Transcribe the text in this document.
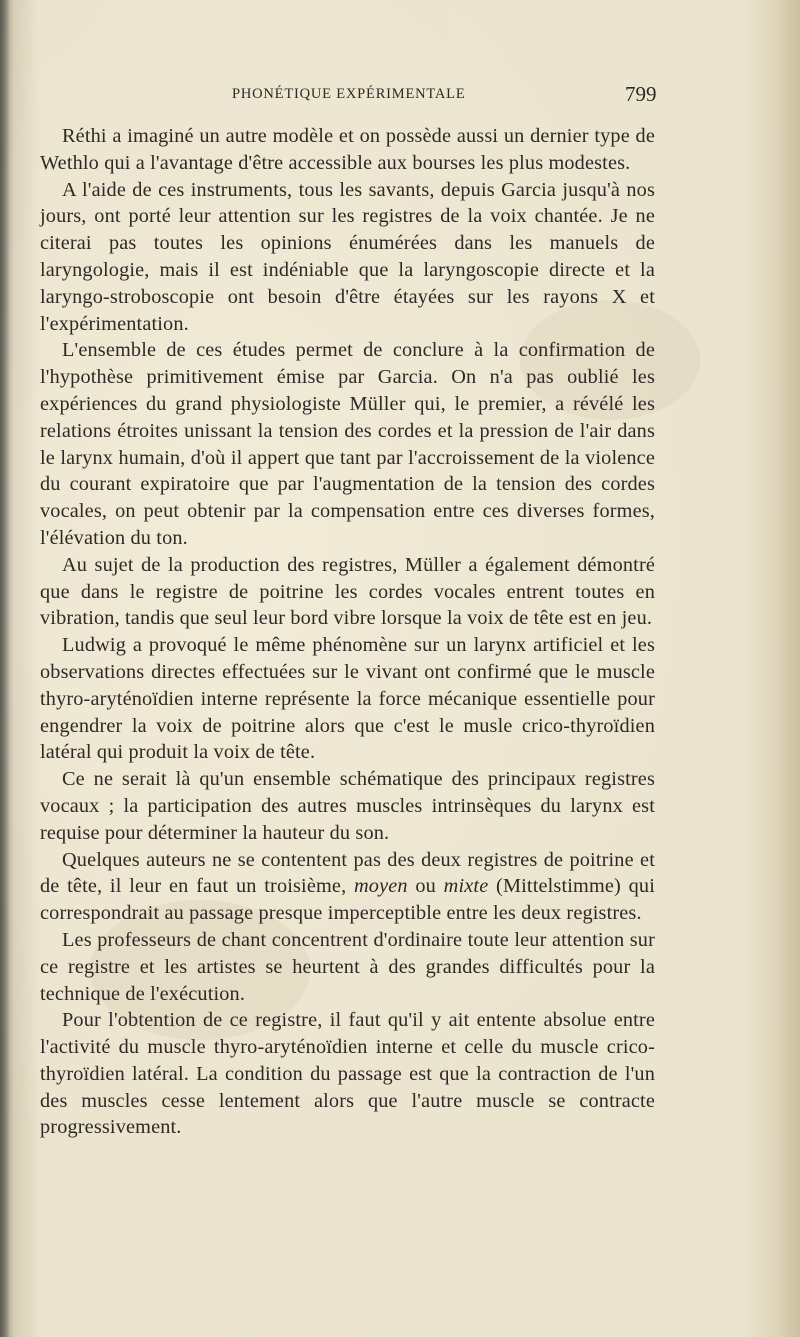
PHONÉTIQUE EXPÉRIMENTALE	799

Réthi a imaginé un autre modèle et on possède aussi un dernier type de Wethlo qui a l'avantage d'être accessible aux bourses les plus modestes.

A l'aide de ces instruments, tous les savants, depuis Garcia jusqu'à nos jours, ont porté leur attention sur les registres de la voix chantée. Je ne citerai pas toutes les opinions énumérées dans les manuels de laryngologie, mais il est indéniable que la laryngoscopie directe et la laryngo-stroboscopie ont besoin d'être étayées sur les rayons X et l'expérimentation.

L'ensemble de ces études permet de conclure à la confirmation de l'hypothèse primitivement émise par Garcia. On n'a pas oublié les expériences du grand physiologiste Müller qui, le premier, a révélé les relations étroites unissant la tension des cordes et la pression de l'air dans le larynx humain, d'où il appert que tant par l'accroissement de la violence du courant expiratoire que par l'augmentation de la tension des cordes vocales, on peut obtenir par la compensation entre ces diverses formes, l'élévation du ton.

Au sujet de la production des registres, Müller a également démontré que dans le registre de poitrine les cordes vocales entrent toutes en vibration, tandis que seul leur bord vibre lorsque la voix de tête est en jeu.

Ludwig a provoqué le même phénomène sur un larynx artificiel et les observations directes effectuées sur le vivant ont confirmé que le muscle thyro-aryténoïdien interne représente la force mécanique essentielle pour engendrer la voix de poitrine alors que c'est le musle crico-thyroïdien latéral qui produit la voix de tête.

Ce ne serait là qu'un ensemble schématique des principaux registres vocaux ; la participation des autres muscles intrinsèques du larynx est requise pour déterminer la hauteur du son.

Quelques auteurs ne se contentent pas des deux registres de poitrine et de tête, il leur en faut un troisième, moyen ou mixte (Mittelstimme) qui correspondrait au passage presque imperceptible entre les deux registres.

Les professeurs de chant concentrent d'ordinaire toute leur attention sur ce registre et les artistes se heurtent à des grandes difficultés pour la technique de l'exécution.

Pour l'obtention de ce registre, il faut qu'il y ait entente absolue entre l'activité du muscle thyro-aryténoïdien interne et celle du muscle crico-thyroïdien latéral. La condition du passage est que la contraction de l'un des muscles cesse lentement alors que l'autre muscle se contracte progressivement.
